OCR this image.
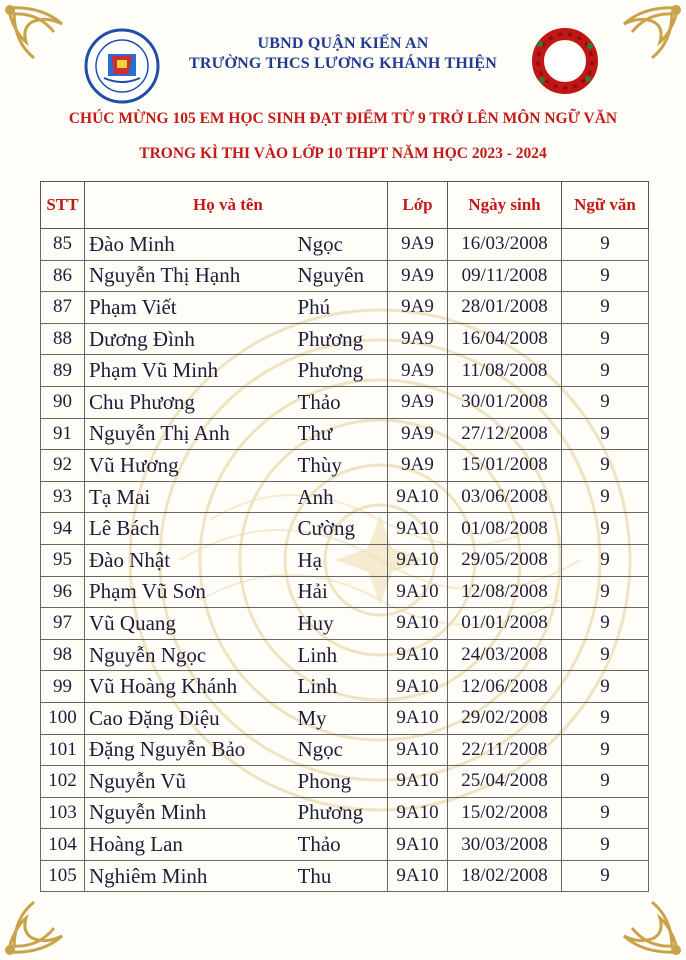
UBND QUẬN KIẾN AN
TRƯỜNG THCS LƯƠNG KHÁNH THIỆN
CHÚC MỪNG 105 EM HỌC SINH ĐẠT ĐIỂM TỪ 9 TRỞ LÊN MÔN NGỮ VĂN
TRONG KÌ THI VÀO LỚP 10 THPT NĂM HỌC 2023 - 2024
STT	Họ và tên		Lớp	Ngày sinh	Ngữ văn
85	Đào Minh	Ngọc	9A9	16/03/2008	9
86	Nguyễn Thị Hạnh	Nguyên	9A9	09/11/2008	9
87	Phạm Viết	Phú	9A9	28/01/2008	9
88	Dương Đình	Phương	9A9	16/04/2008	9
89	Phạm Vũ Minh	Phương	9A9	11/08/2008	9
90	Chu Phương	Thảo	9A9	30/01/2008	9
91	Nguyễn Thị Anh	Thư	9A9	27/12/2008	9
92	Vũ Hương	Thùy	9A9	15/01/2008	9
93	Tạ Mai	Anh	9A10	03/06/2008	9
94	Lê Bách	Cường	9A10	01/08/2008	9
95	Đào Nhật	Hạ	9A10	29/05/2008	9
96	Phạm Vũ Sơn	Hải	9A10	12/08/2008	9
97	Vũ Quang	Huy	9A10	01/01/2008	9
98	Nguyễn Ngọc	Linh	9A10	24/03/2008	9
99	Vũ Hoàng Khánh	Linh	9A10	12/06/2008	9
100	Cao Đặng Diệu	My	9A10	29/02/2008	9
101	Đặng Nguyễn Bảo	Ngọc	9A10	22/11/2008	9
102	Nguyễn Vũ	Phong	9A10	25/04/2008	9
103	Nguyễn Minh	Phương	9A10	15/02/2008	9
104	Hoàng Lan	Thảo	9A10	30/03/2008	9
105	Nghiêm Minh	Thu	9A10	18/02/2008	9
